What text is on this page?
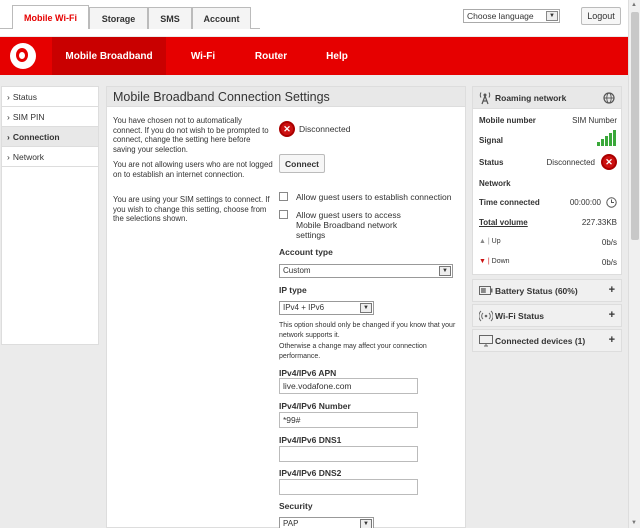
Mobile Wi-Fi	Storage	SMS	Account	Choose language	▼	Logout
Mobile Broadband	Wi-Fi	Router	Help
› Status
› SIM PIN
› Connection
› Network
Mobile Broadband Connection Settings
You have chosen not to automatically connect. If you do not wish to be prompted to connect, change the setting here before saving your selection.
You are not allowing users who are not logged on to establish an internet connection.
You are using your SIM settings to connect. If you wish to change this setting, choose from the selections shown.
✕ Disconnected
Connect
Allow guest users to establish connection
Allow guest users to access Mobile Broadband network settings
Account type
Custom	▼
IP type
IPv4 + IPv6	▼
This option should only be changed if you know that your network supports it.
Otherwise a change may affect your connection performance.
IPv4/IPv6 APN
live.vodafone.com
IPv4/IPv6 Number
*99#
IPv4/IPv6 DNS1
IPv4/IPv6 DNS2
Security
PAP	▼
Roaming network
Mobile number	SIM Number
Signal
Status	Disconnected	✕
Network
Time connected	00:00:00
Total volume	227.33KB
▲ | Up	0b/s
▼ | Down	0b/s
Battery Status (60%)	+
Wi-Fi Status	+
Connected devices (1) +
▲
▼
